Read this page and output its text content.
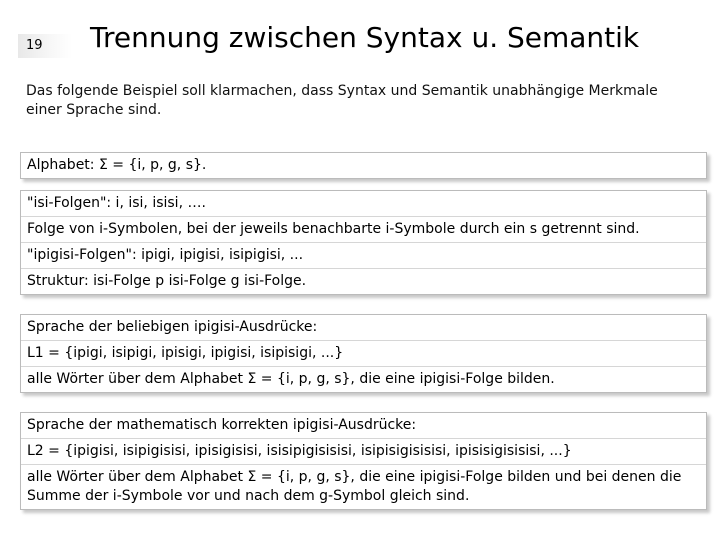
19	Trennung zwischen Syntax u. Semantik
Das folgende Beispiel soll klarmachen, dass Syntax und Semantik unabhängige Merkmale einer Sprache sind.
Alphabet: Σ = {i, p, g, s}.
"isi-Folgen": i, isi, isisi, ….
Folge von i-Symbolen, bei der jeweils benachbarte i-Symbole durch ein s getrennt sind.
"ipigisi-Folgen": ipigi, ipigisi, isipigisi, ...
Struktur: isi-Folge p isi-Folge g isi-Folge.
Sprache der beliebigen ipigisi-Ausdrücke:
L1 = {ipigi, isipigi, ipisigi, ipigisi, isipisigi, ...}
alle Wörter über dem Alphabet Σ = {i, p, g, s}, die eine ipigisi-Folge bilden.
Sprache der mathematisch korrekten ipigisi-Ausdrücke:
L2 = {ipigisi, isipigisisi, ipisigisisi, isisipigisisisi, isipisigisisisi, ipisisigisisisi, ...}
alle Wörter über dem Alphabet Σ = {i, p, g, s}, die eine ipigisi-Folge bilden und bei denen die Summe der i-Symbole vor und nach dem g-Symbol gleich sind.
